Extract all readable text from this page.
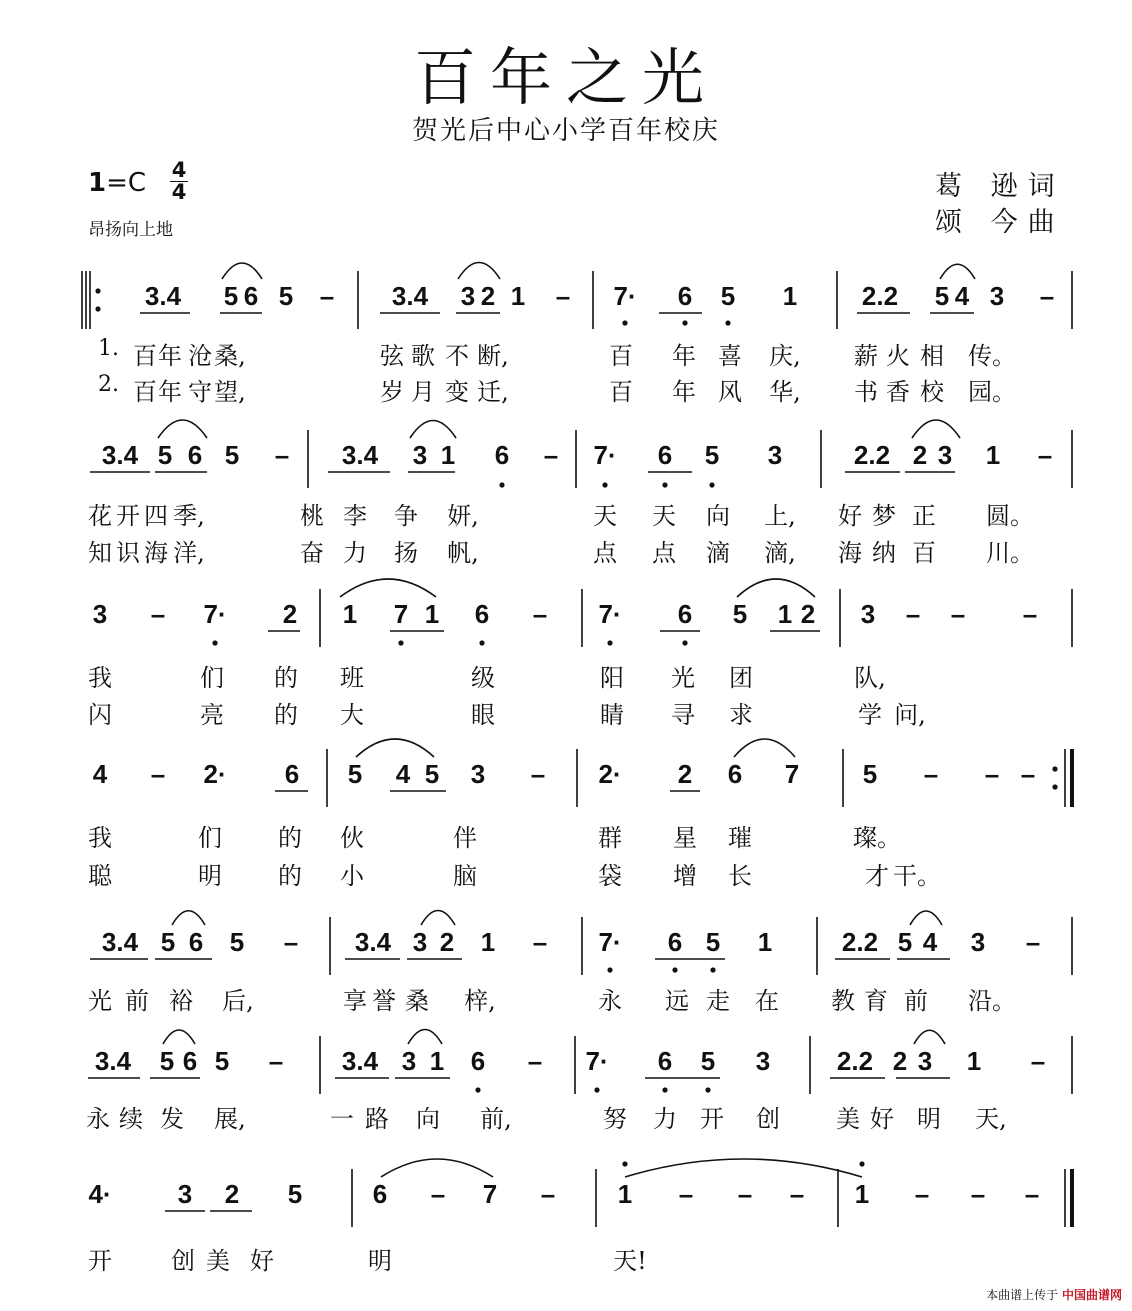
百年之光
贺光后中心小学百年校庆
1=C 4
4
昂扬向上地
葛 逊词
颂 今曲
3.4 5 6 5 – 3.4 3 2 1 – 7· 6 5 1 2.2 5 4 3 –
1.
2.
百 年 沧 桑,	弦 歌 不 断,	百 年 喜 庆, 薪 火 相 传。
百 年 守 望,	岁 月 变 迁,	百 年 风 华, 书 香 校 园。
3.4 5 6 5 – 3.4 3 1 6 – 7· 6 5 3	2.2 2 3 1 –
花 开 四 季,	桃 李 争 妍,	天 天 向 上, 好 梦 正 圆。
知 识 海 洋,	奋 力 扬 帆,	点 点 滴 滴, 海 纳 百 川。
3 – 7· 2 1 7 1 6 – 7· 6 5 1 2 3 – – –
我	们 的 班	级	阳 光 团	队,
闪	亮 的 大	眼	睛 寻 求	学 问,
4 – 2· 6 5 4 5 3 – 2· 2 6 7 5 – – –
我	们 的 伙	伴	群 星 璀	璨。
聪	明 的 小	脑	袋 增 长	才 干。
3.4 5 6 5 – 3.4 3 2 1 – 7· 6 5 1	2.2 5 4 3 –
光 前 裕 后,	享 誉 桑 梓,	永 远 走 在 教 育 前 沿。
3.4 5 6 5 – 3.4 3 1 6 – 7· 6 5 3	2.2 2 3 1 –
永 续 发 展,	一 路 向 前,	努 力 开 创 美 好 明 天,
4·	3 2 5	6 – 7 – 1 – – – 1 – – –
开 创 美 好	明	天!
本曲谱上传于 中国曲谱网
